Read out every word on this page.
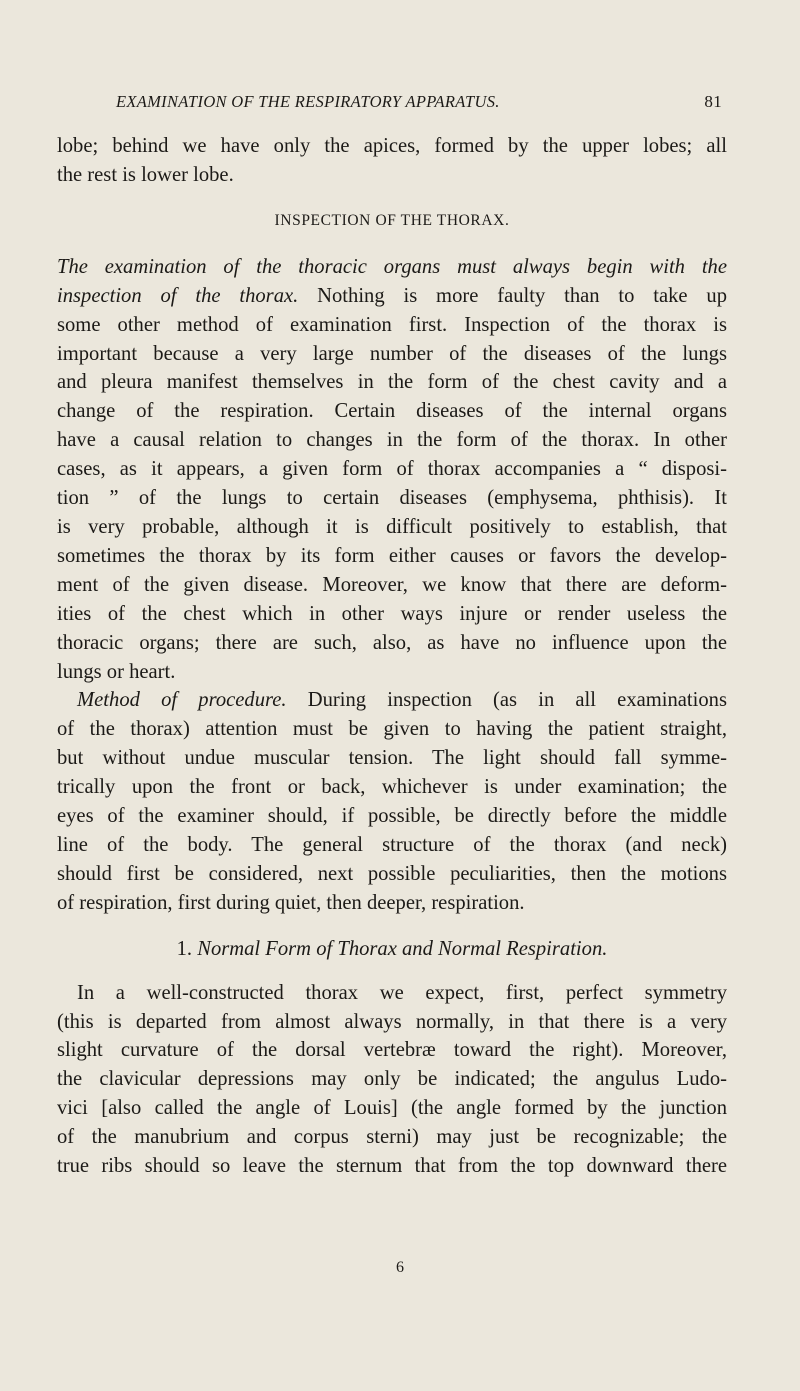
EXAMINATION OF THE RESPIRATORY APPARATUS.	81

lobe; behind we have only the apices, formed by the upper lobes; all
the rest is lower lobe.

INSPECTION OF THE THORAX.

The examination of the thoracic organs must always begin with the
inspection of the thorax. Nothing is more faulty than to take up
some other method of examination first. Inspection of the thorax is
important because a very large number of the diseases of the lungs
and pleura manifest themselves in the form of the chest cavity and a
change of the respiration. Certain diseases of the internal organs
have a causal relation to changes in the form of the thorax. In other
cases, as it appears, a given form of thorax accompanies a “ disposi-
tion ” of the lungs to certain diseases (emphysema, phthisis). It
is very probable, although it is difficult positively to establish, that
sometimes the thorax by its form either causes or favors the develop-
ment of the given disease. Moreover, we know that there are deform-
ities of the chest which in other ways injure or render useless the
thoracic organs; there are such, also, as have no influence upon the
lungs or heart.

Method of procedure. During inspection (as in all examinations
of the thorax) attention must be given to having the patient straight,
but without undue muscular tension. The light should fall symme-
trically upon the front or back, whichever is under examination; the
eyes of the examiner should, if possible, be directly before the middle
line of the body. The general structure of the thorax (and neck)
should first be considered, next possible peculiarities, then the motions
of respiration, first during quiet, then deeper, respiration.

1. Normal Form of Thorax and Normal Respiration.

In a well-constructed thorax we expect, first, perfect symmetry
(this is departed from almost always normally, in that there is a very
slight curvature of the dorsal vertebræ toward the right). Moreover,
the clavicular depressions may only be indicated; the angulus Ludo-
vici [also called the angle of Louis] (the angle formed by the junction
of the manubrium and corpus sterni) may just be recognizable; the
true ribs should so leave the sternum that from the top downward there

6
